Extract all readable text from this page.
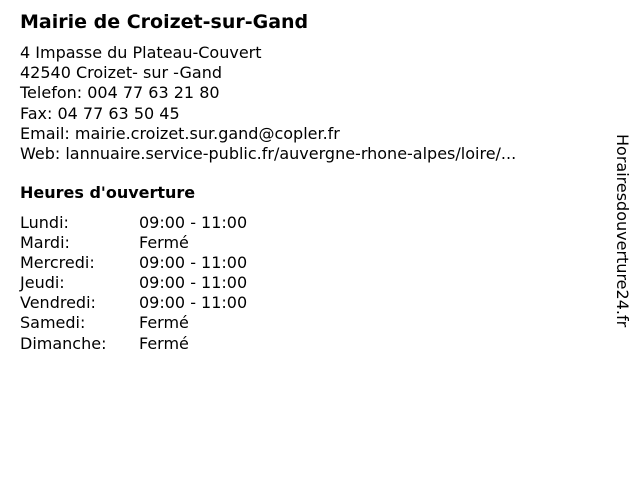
Mairie de Croizet-sur-Gand
4 Impasse du Plateau-Couvert
42540 Croizet- sur -Gand
Telefon: 004 77 63 21 80
Fax: 04 77 63 50 45
Email: mairie.croizet.sur.gand@copler.fr
Web: lannuaire.service-public.fr/auvergne-rhone-alpes/loire/...
Heures d'ouverture
Lundi:	09:00 - 11:00
Mardi:	Fermé
Mercredi:	09:00 - 11:00
Jeudi:	09:00 - 11:00
Vendredi:	09:00 - 11:00
Samedi:	Fermé
Dimanche: Fermé
Horairesdouverture24.fr
